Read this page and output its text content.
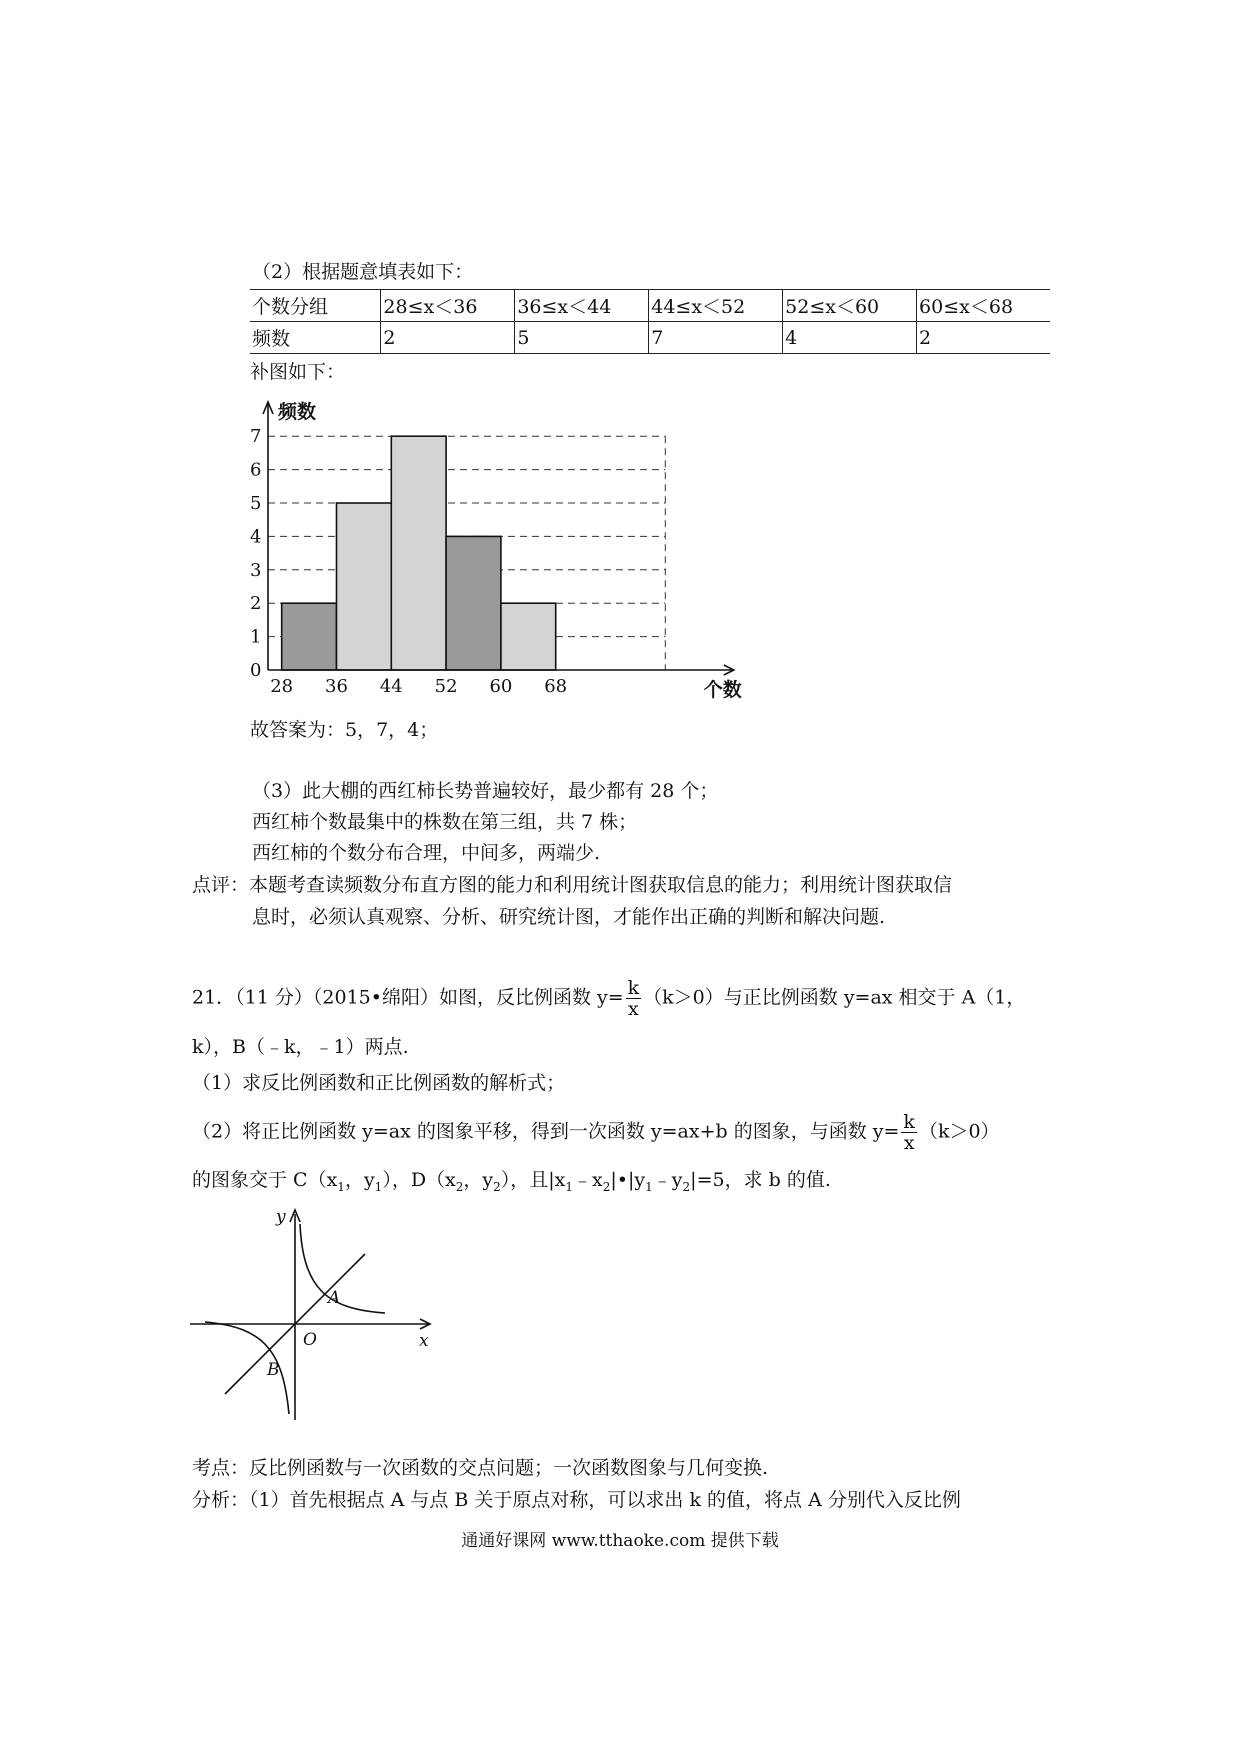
（2）根据题意填表如下：
个数分组	28≤x＜36	36≤x＜44	44≤x＜52	52≤x＜60	60≤x＜68
频数	2	5	7	4	2
补图如下：
0
1
2
3
4
5
6
7
28 36 44 52 60 68
频数
个数
故答案为：5，7，4；
（3）此大棚的西红柿长势普遍较好，最少都有 28 个；
西红柿个数最集中的株数在第三组，共 7 株；
西红柿的个数分布合理，中间多，两端少.
点评：本题考查读频数分布直方图的能力和利用统计图获取信息的能力；利用统计图获取信
息时，必须认真观察、分析、研究统计图，才能作出正确的判断和解决问题.
21．（11 分）（2015•绵阳）如图，反比例函数 $y= \frac{k}{x} (k>0)$与正比例函数 y=ax 相交于 A（1，
k），B（﹣k，﹣1）两点.
（1）求反比例函数和正比例函数的解析式；
（2）将正比例函数 y=ax 的图象平移，得到一次函数 y=ax+b 的图象，与函数 $y= \frac{k}{x} (k>0)$
的图象交于 $C(x_1$，$y_1$），$D(x_2$，$y_2$），且$|x_1﹣x_2|•|y_1﹣y_2|=5$，求 b 的值.
y
x
O
A
B
考点：反比例函数与一次函数的交点问题；一次函数图象与几何变换.
分析：（1）首先根据点 A 与点 B 关于原点对称，可以求出 k 的值，将点 A 分别代入反比例
通通好课网 www.tthaoke.com 提供下载
